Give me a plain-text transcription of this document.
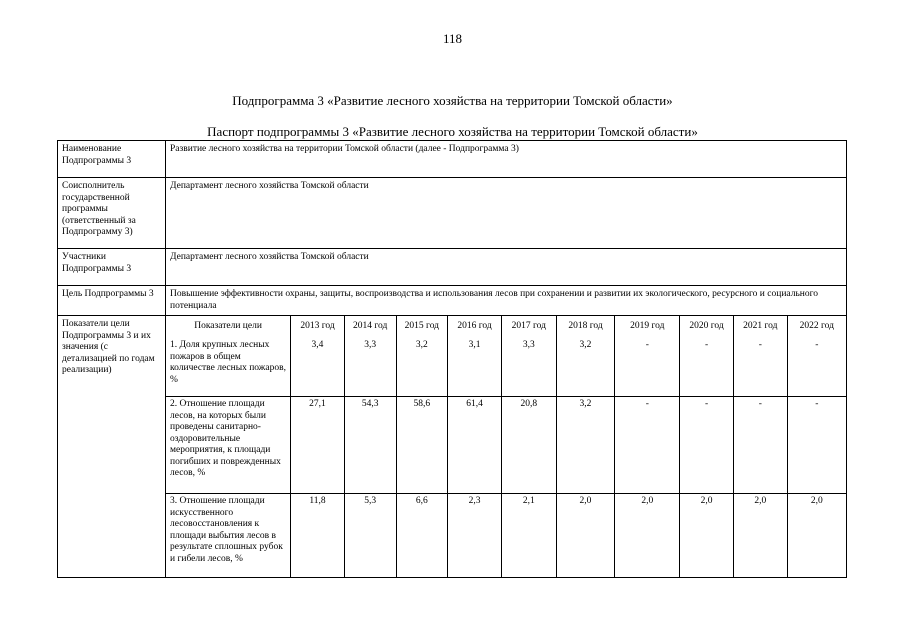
118
Подпрограмма 3 «Развитие лесного хозяйства на территории Томской области»
Паспорт подпрограммы 3 «Развитие лесного хозяйства на территории Томской области»
Наименование Подпрограммы 3	Развитие лесного хозяйства на территории Томской области (далее - Подпрограмма 3)
Соисполнитель государственной программы (ответственный за Подпрограмму 3)	Департамент лесного хозяйства Томской области
Участники Подпрограммы 3	Департамент лесного хозяйства Томской области
Цель Подпрограммы 3	Повышение эффективности охраны, защиты, воспроизводства и использования лесов при сохранении и развитии их экологического, ресурсного и социального потенциала
Показатели цели Подпрограммы 3 и их значения (с детализацией по годам реализации)	
Показатели цели	2013 год	2014 год	2015 год	2016 год	2017 год	2018 год	2019 год	2020 год	2021 год	2022 год
1. Доля крупных лесных пожаров в общем количестве лесных пожаров, %	3,4	3,3	3,2	3,1	3,3	3,2	-	-	-	-
2. Отношение площади лесов, на которых были проведены санитарно-оздоровительные мероприятия, к площади погибших и поврежденных лесов, %	27,1	54,3	58,6	61,4	20,8	3,2	-	-	-	-
3. Отношение площади искусственного лесовосстановления к площади выбытия лесов в результате сплошных рубок и гибели лесов, %	11,8	5,3	6,6	2,3	2,1	2,0	2,0	2,0	2,0	2,0
